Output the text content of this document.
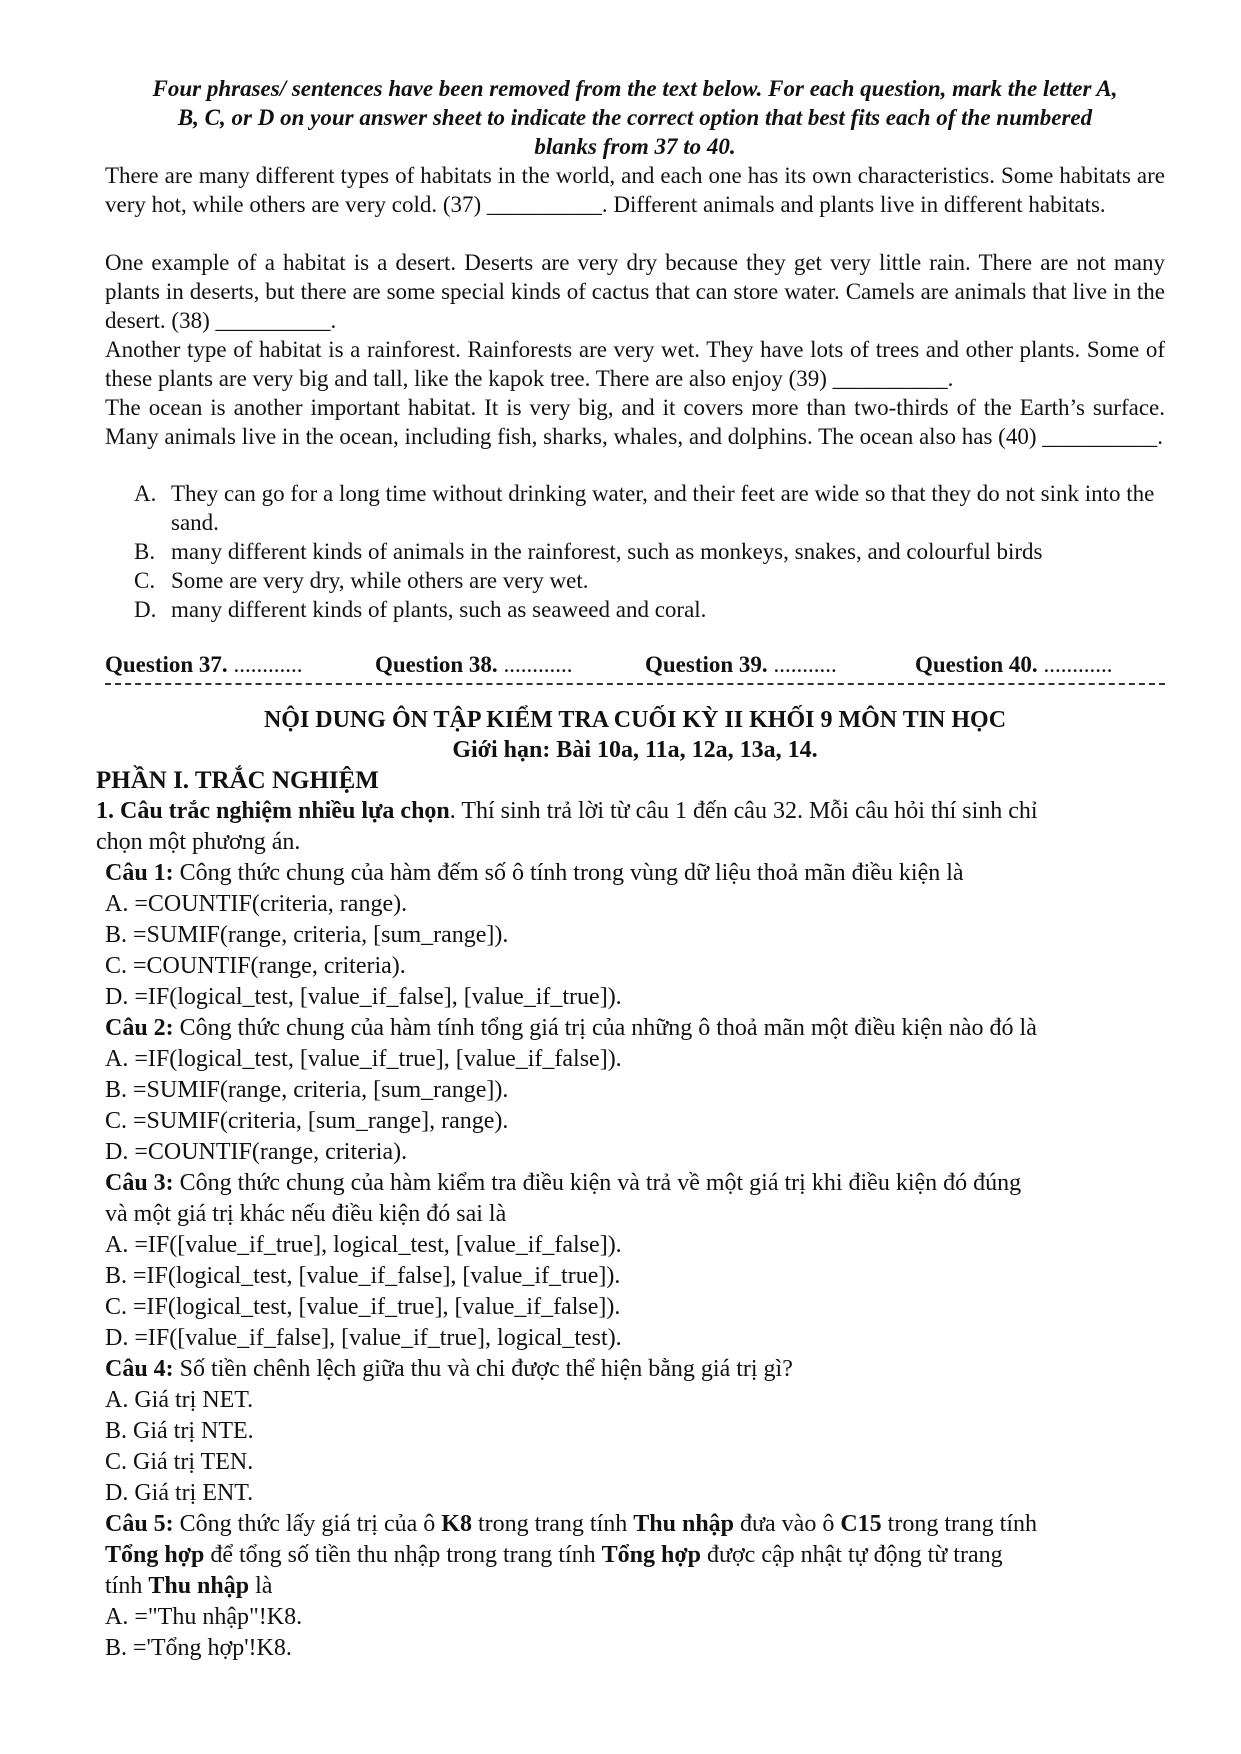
Four phrases/ sentences have been removed from the text below. For each question, mark the letter A,

B, C, or D on your answer sheet to indicate the correct option that best fits each of the numbered

blanks from 37 to 40.

There are many different types of habitats in the world, and each one has its own characteristics. Some habitats are very hot, while others are very cold. (37) __________. Different animals and plants live in different habitats.

One example of a habitat is a desert. Deserts are very dry because they get very little rain. There are not many plants in deserts, but there are some special kinds of cactus that can store water. Camels are animals that live in the desert. (38) __________.

Another type of habitat is a rainforest. Rainforests are very wet. They have lots of trees and other plants. Some of these plants are very big and tall, like the kapok tree. There are also enjoy (39) __________.

The ocean is another important habitat. It is very big, and it covers more than two-thirds of the Earth’s surface. Many animals live in the ocean, including fish, sharks, whales, and dolphins. The ocean also has (40) __________.

A. They can go for a long time without drinking water, and their feet are wide so that they do not sink into the sand.
B. many different kinds of animals in the rainforest, such as monkeys, snakes, and colourful birds
C. Some are very dry, while others are very wet.
D. many different kinds of plants, such as seaweed and coral.
Question 37. ............	Question 38. ............	Question 39. ...........	Question 40. ............
NỘI DUNG ÔN TẬP KIỂM TRA CUỐI KỲ II KHỐI 9 MÔN TIN HỌC
Giới hạn: Bài 10a, 11a, 12a, 13a, 14.
PHẦN I. TRẮC NGHIỆM
1. Câu trắc nghiệm nhiều lựa chọn. Thí sinh trả lời từ câu 1 đến câu 32. Mỗi câu hỏi thí sinh chỉ
chọn một phương án.
Câu 1: Công thức chung của hàm đếm số ô tính trong vùng dữ liệu thoả mãn điều kiện là
A. =COUNTIF(criteria, range).
B. =SUMIF(range, criteria, [sum_range]).
C. =COUNTIF(range, criteria).
D. =IF(logical_test, [value_if_false], [value_if_true]).
Câu 2: Công thức chung của hàm tính tổng giá trị của những ô thoả mãn một điều kiện nào đó là
A. =IF(logical_test, [value_if_true], [value_if_false]).
B. =SUMIF(range, criteria, [sum_range]).
C. =SUMIF(criteria, [sum_range], range).
D. =COUNTIF(range, criteria).
Câu 3: Công thức chung của hàm kiểm tra điều kiện và trả về một giá trị khi điều kiện đó đúng
và một giá trị khác nếu điều kiện đó sai là
A. =IF([value_if_true], logical_test, [value_if_false]).
B. =IF(logical_test, [value_if_false], [value_if_true]).
C. =IF(logical_test, [value_if_true], [value_if_false]).
D. =IF([value_if_false], [value_if_true], logical_test).
Câu 4: Số tiền chênh lệch giữa thu và chi được thể hiện bằng giá trị gì?
A. Giá trị NET.
B. Giá trị NTE.
C. Giá trị TEN.
D. Giá trị ENT.
Câu 5: Công thức lấy giá trị của ô K8 trong trang tính Thu nhập đưa vào ô C15 trong trang tính
Tổng hợp để tổng số tiền thu nhập trong trang tính Tổng hợp được cập nhật tự động từ trang
tính Thu nhập là
A. ="Thu nhập"!K8.
B. ='Tổng hợp'!K8.
